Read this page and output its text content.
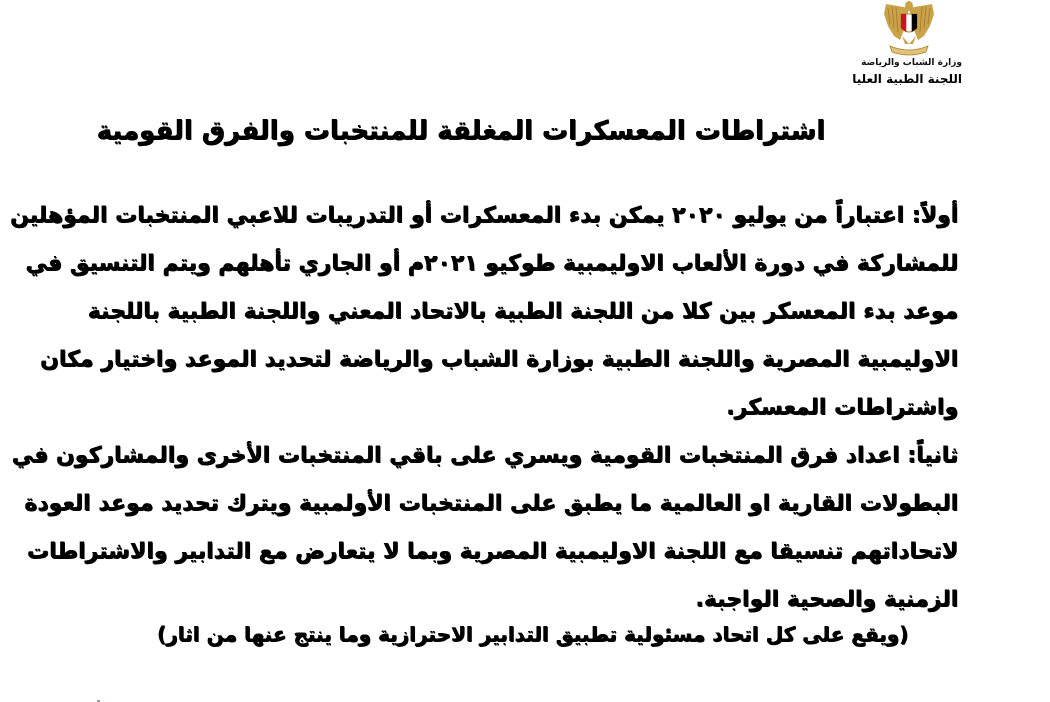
وزارة الشباب والرياضة
اللجنة الطبية العليا
اشتراطات المعسكرات المغلقة للمنتخبات والفرق القومية
أولاً: اعتباراً من يوليو ٢٠٢٠ يمكن بدء المعسكرات أو التدريبات للاعبي المنتخبات المؤهلين
للمشاركة في دورة الألعاب الاوليمبية طوكيو ٢٠٢١م أو الجاري تأهلهم ويتم التنسيق في
موعد بدء المعسكر بين كلا من اللجنة الطبية بالاتحاد المعني واللجنة الطبية باللجنة
الاوليمبية المصرية واللجنة الطبية بوزارة الشباب والرياضة لتحديد الموعد واختيار مكان
واشتراطات المعسكر.
ثانياً: اعداد فرق المنتخبات القومية ويسري على باقي المنتخبات الأخرى والمشاركون في
البطولات القارية او العالمية ما يطبق على المنتخبات الأولمبية ويترك تحديد موعد العودة
لاتحاداتهم تنسيقا مع اللجنة الاوليمبية المصرية وبما لا يتعارض مع التدابير والاشتراطات
الزمنية والصحية الواجبة.
(ويقع على كل اتحاد مسئولية تطبيق التدابير الاحترازية وما ينتج عنها من اثار)
